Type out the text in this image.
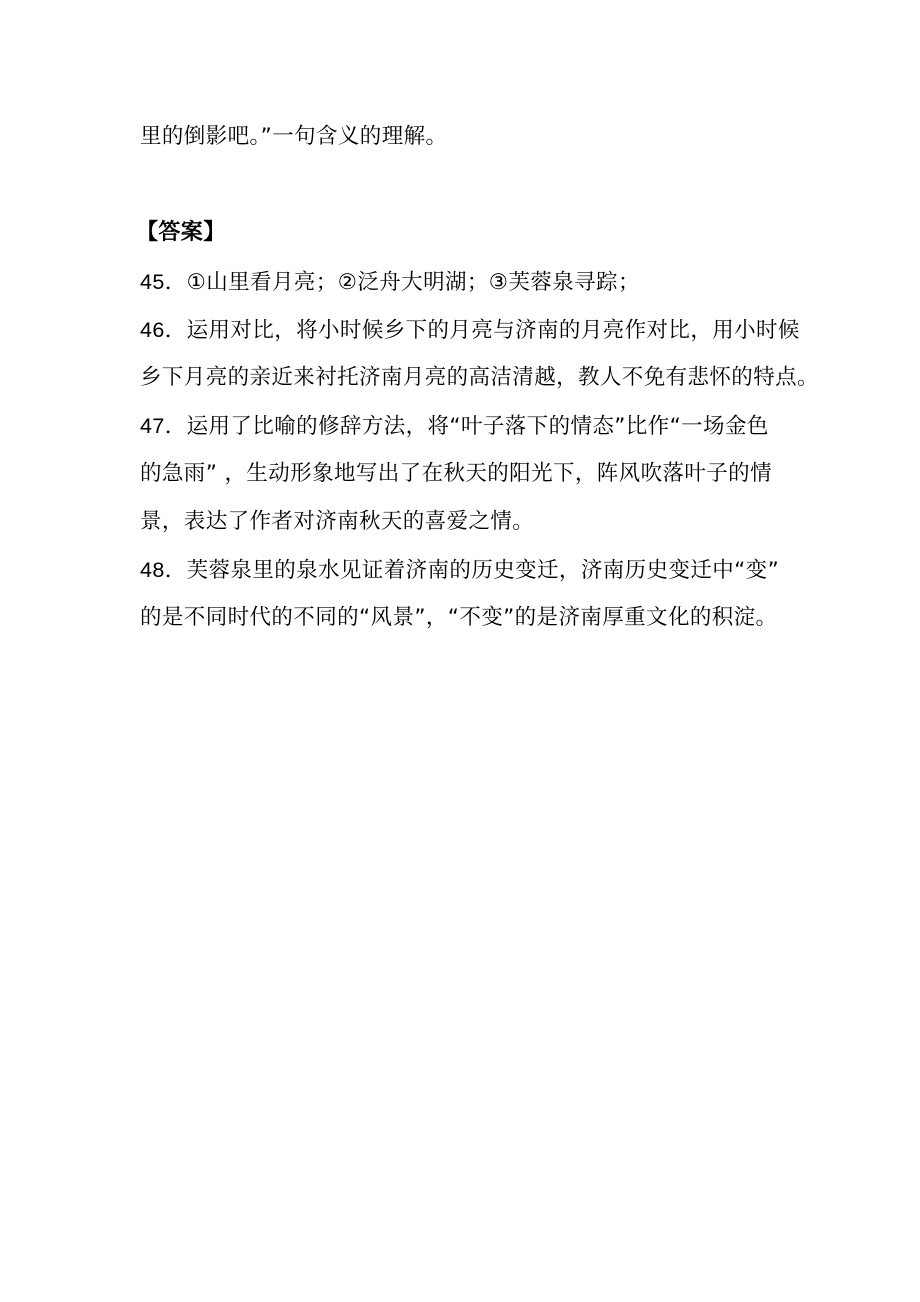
里的倒影吧。”一句含义的理解。
【答案】
45．①山里看月亮；②泛舟大明湖；③芙蓉泉寻踪；
46．运用对比，将小时候乡下的月亮与济南的月亮作对比，用小时候
乡下月亮的亲近来衬托济南月亮的高洁清越，教人不免有悲怀的特点。
47．运用了比喻的修辞方法，将“叶子落下的情态”比作“一场金色
的急雨” ，生动形象地写出了在秋天的阳光下，阵风吹落叶子的情
景，表达了作者对济南秋天的喜爱之情。
48．芙蓉泉里的泉水见证着济南的历史变迁，济南历史变迁中“变”
的是不同时代的不同的“风景”，“不变”的是济南厚重文化的积淀。
